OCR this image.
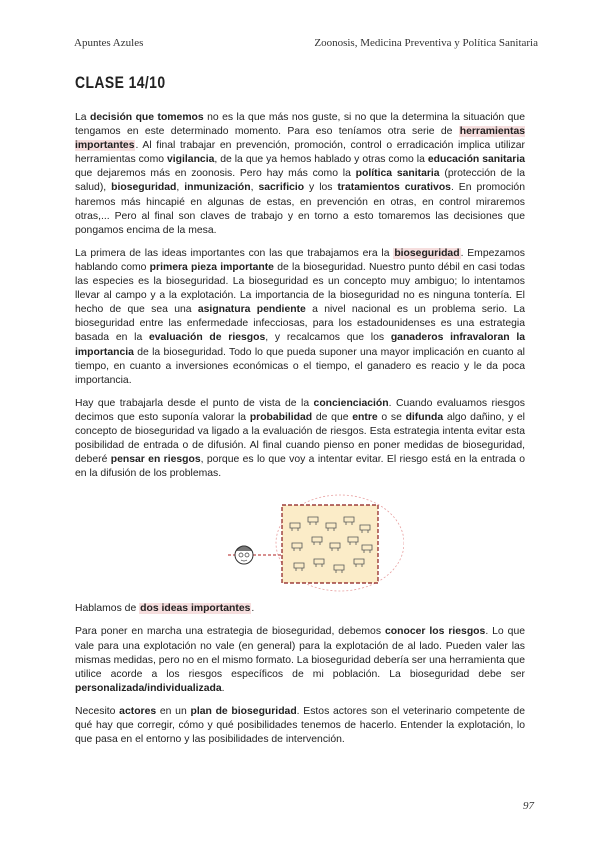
Apuntes Azules	Zoonosis, Medicina Preventiva y Política Sanitaria
CLASE 14/10

La decisión que tomemos no es la que más nos guste, si no que la determina la situación que tengamos en este determinado momento. Para eso teníamos otra serie de herramientas importantes. Al final trabajar en prevención, promoción, control o erradicación implica utilizar herramientas como vigilancia, de la que ya hemos hablado y otras como la educación sanitaria que dejaremos más en zoonosis. Pero hay más como la política sanitaria (protección de la salud), bioseguridad, inmunización, sacrificio y los tratamientos curativos. En promoción haremos más hincapié en algunas de estas, en prevención en otras, en control miraremos otras,... Pero al final son claves de trabajo y en torno a esto tomaremos las decisiones que pongamos encima de la mesa.

La primera de las ideas importantes con las que trabajamos era la bioseguridad. Empezamos hablando como primera pieza importante de la bioseguridad. Nuestro punto débil en casi todas las especies es la bioseguridad. La bioseguridad es un concepto muy ambiguo; lo intentamos llevar al campo y a la explotación. La importancia de la bioseguridad no es ninguna tontería. El hecho de que sea una asignatura pendiente a nivel nacional es un problema serio. La bioseguridad entre las enfermedade infecciosas, para los estadounidenses es una estrategia basada en la evaluación de riesgos, y recalcamos que los ganaderos infravaloran la importancia de la bioseguridad. Todo lo que pueda suponer una mayor implicación en cuanto al tiempo, en cuanto a inversiones económicas o el tiempo, el ganadero es reacio y le da poca importancia.

Hay que trabajarla desde el punto de vista de la concienciación. Cuando evaluamos riesgos decimos que esto suponía valorar la probabilidad de que entre o se difunda algo dañino, y el concepto de bioseguridad va ligado a la evaluación de riesgos. Esta estrategia intenta evitar esta posibilidad de entrada o de difusión. Al final cuando pienso en poner medidas de bioseguridad, deberé pensar en riesgos, porque es lo que voy a intentar evitar. El riesgo está en la entrada o en la difusión de los problemas.

Hablamos de dos ideas importantes.

Para poner en marcha una estrategia de bioseguridad, debemos conocer los riesgos. Lo que vale para una explotación no vale (en general) para la explotación de al lado. Pueden valer las mismas medidas, pero no en el mismo formato. La bioseguridad debería ser una herramienta que utilice acorde a los riesgos específicos de mi población. La bioseguridad debe ser personalizada/individualizada.

Necesito actores en un plan de bioseguridad. Estos actores son el veterinario competente de qué hay que corregir, cómo y qué posibilidades tenemos de hacerlo. Entender la explotación, lo que pasa en el entorno y las posibilidades de intervención.

97
